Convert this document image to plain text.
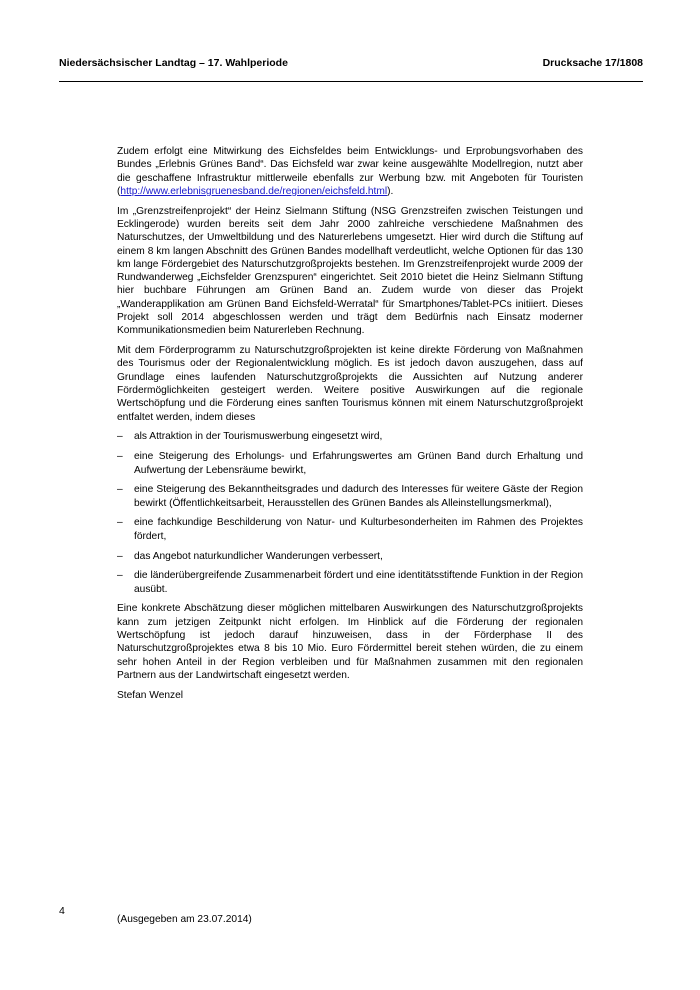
Niedersächsischer Landtag – 17. Wahlperiode	Drucksache 17/1808

Zudem erfolgt eine Mitwirkung des Eichsfeldes beim Entwicklungs- und Erprobungsvorhaben des Bundes „Erlebnis Grünes Band“. Das Eichsfeld war zwar keine ausgewählte Modellregion, nutzt aber die geschaffene Infrastruktur mittlerweile ebenfalls zur Werbung bzw. mit Angeboten für Touristen (http://www.erlebnisgruenesband.de/regionen/eichsfeld.html).

Im „Grenzstreifenprojekt“ der Heinz Sielmann Stiftung (NSG Grenzstreifen zwischen Teistungen und Ecklingerode) wurden bereits seit dem Jahr 2000 zahlreiche verschiedene Maßnahmen des Naturschutzes, der Umweltbildung und des Naturerlebens umgesetzt. Hier wird durch die Stiftung auf einem 8 km langen Abschnitt des Grünen Bandes modellhaft verdeutlicht, welche Optionen für das 130 km lange Fördergebiet des Naturschutzgroßprojekts bestehen. Im Grenzstreifenprojekt wurde 2009 der Rundwanderweg „Eichsfelder Grenzspuren“ eingerichtet. Seit 2010 bietet die Heinz Sielmann Stiftung hier buchbare Führungen am Grünen Band an. Zudem wurde von dieser das Projekt „Wanderapplikation am Grünen Band Eichsfeld-Werratal“ für Smartphones/Tablet-PCs initiiert. Dieses Projekt soll 2014 abgeschlossen werden und trägt dem Bedürfnis nach Einsatz moderner Kommunikationsmedien beim Naturerleben Rechnung.

Mit dem Förderprogramm zu Naturschutzgroßprojekten ist keine direkte Förderung von Maßnahmen des Tourismus oder der Regionalentwicklung möglich. Es ist jedoch davon auszugehen, dass auf Grundlage eines laufenden Naturschutzgroßprojekts die Aussichten auf Nutzung anderer Fördermöglichkeiten gesteigert werden. Weitere positive Auswirkungen auf die regionale Wertschöpfung und die Förderung eines sanften Tourismus können mit einem Naturschutzgroßprojekt entfaltet werden, indem dieses

– als Attraktion in der Tourismuswerbung eingesetzt wird,
– eine Steigerung des Erholungs- und Erfahrungswertes am Grünen Band durch Erhaltung und Aufwertung der Lebensräume bewirkt,
– eine Steigerung des Bekanntheitsgrades und dadurch des Interesses für weitere Gäste der Region bewirkt (Öffentlichkeitsarbeit, Herausstellen des Grünen Bandes als Alleinstellungsmerkmal),
– eine fachkundige Beschilderung von Natur- und Kulturbesonderheiten im Rahmen des Projektes fördert,
– das Angebot naturkundlicher Wanderungen verbessert,
– die länderübergreifende Zusammenarbeit fördert und eine identitätsstiftende Funktion in der Region ausübt.

Eine konkrete Abschätzung dieser möglichen mittelbaren Auswirkungen des Naturschutzgroßprojekts kann zum jetzigen Zeitpunkt nicht erfolgen. Im Hinblick auf die Förderung der regionalen Wertschöpfung ist jedoch darauf hinzuweisen, dass in der Förderphase II des Naturschutzgroßprojektes etwa 8 bis 10 Mio. Euro Fördermittel bereit stehen würden, die zu einem sehr hohen Anteil in der Region verbleiben und für Maßnahmen zusammen mit den regionalen Partnern aus der Landwirtschaft eingesetzt werden.

Stefan Wenzel

4
(Ausgegeben am 23.07.2014)
